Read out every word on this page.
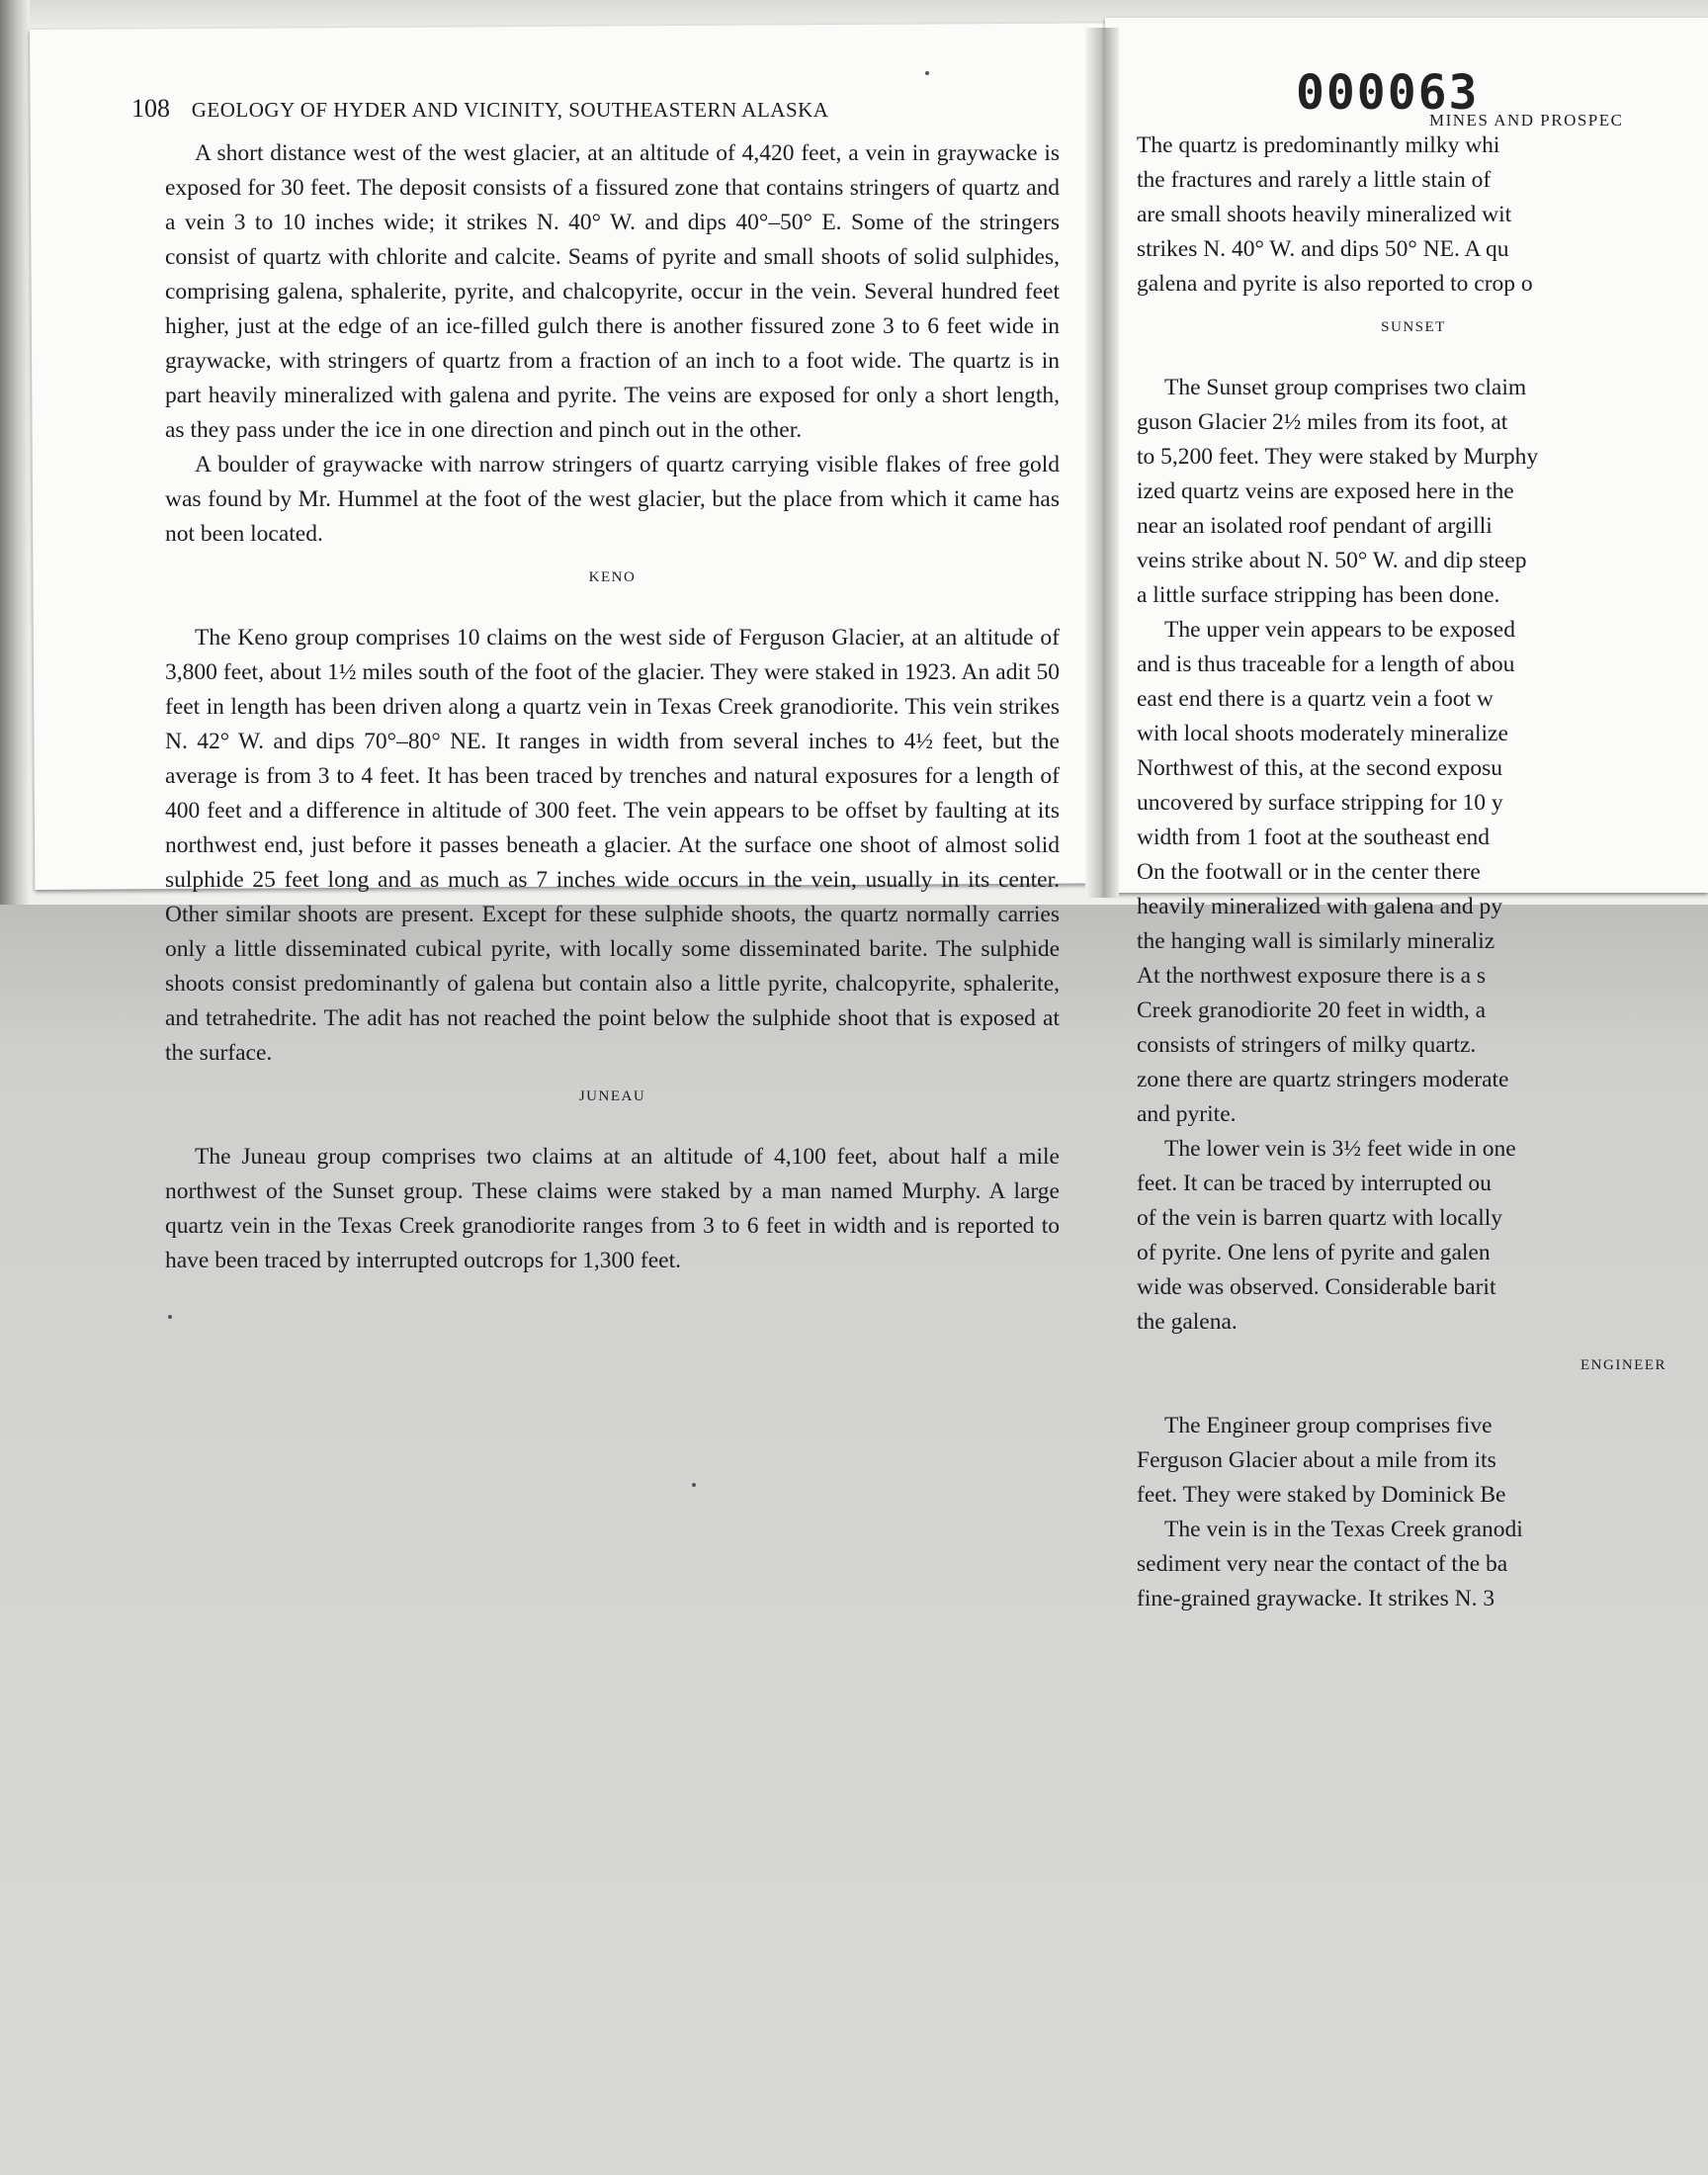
000063
108 GEOLOGY OF HYDER AND VICINITY, SOUTHEASTERN ALASKA

A short distance west of the west glacier, at an altitude of 4,420 feet, a vein in graywacke is exposed for 30 feet. The deposit consists of a fissured zone that contains stringers of quartz and a vein 3 to 10 inches wide; it strikes N. 40° W. and dips 40°–50° E. Some of the stringers consist of quartz with chlorite and calcite. Seams of pyrite and small shoots of solid sulphides, comprising galena, sphalerite, pyrite, and chalcopyrite, occur in the vein. Several hundred feet higher, just at the edge of an ice-filled gulch there is another fissured zone 3 to 6 feet wide in graywacke, with stringers of quartz from a fraction of an inch to a foot wide. The quartz is in part heavily mineralized with galena and pyrite. The veins are exposed for only a short length, as they pass under the ice in one direction and pinch out in the other.

A boulder of graywacke with narrow stringers of quartz carrying visible flakes of free gold was found by Mr. Hummel at the foot of the west glacier, but the place from which it came has not been located.

KENO

The Keno group comprises 10 claims on the west side of Ferguson Glacier, at an altitude of 3,800 feet, about 1½ miles south of the foot of the glacier. They were staked in 1923. An adit 50 feet in length has been driven along a quartz vein in Texas Creek granodiorite. This vein strikes N. 42° W. and dips 70°–80° NE. It ranges in width from several inches to 4½ feet, but the average is from 3 to 4 feet. It has been traced by trenches and natural exposures for a length of 400 feet and a difference in altitude of 300 feet. The vein appears to be offset by faulting at its northwest end, just before it passes beneath a glacier. At the surface one shoot of almost solid sulphide 25 feet long and as much as 7 inches wide occurs in the vein, usually in its center. Other similar shoots are present. Except for these sulphide shoots, the quartz normally carries only a little disseminated cubical pyrite, with locally some disseminated barite. The sulphide shoots consist predominantly of galena but contain also a little pyrite, chalcopyrite, sphalerite, and tetrahedrite. The adit has not reached the point below the sulphide shoot that is exposed at the surface.

JUNEAU

The Juneau group comprises two claims at an altitude of 4,100 feet, about half a mile northwest of the Sunset group. These claims were staked by a man named Murphy. A large quartz vein in the Texas Creek granodiorite ranges from 3 to 6 feet in width and is reported to have been traced by interrupted outcrops for 1,300 feet.

MINES AND PROSPEC
The quartz is predominantly milky whi
the fractures and rarely a little stain of
are small shoots heavily mineralized wit
strikes N. 40° W. and dips 50° NE. A qu
galena and pyrite is also reported to crop o
SUNSET
The Sunset group comprises two claim
guson Glacier 2½ miles from its foot, at
to 5,200 feet. They were staked by Murphy
ized quartz veins are exposed here in the
near an isolated roof pendant of argilli
veins strike about N. 50° W. and dip steep
a little surface stripping has been done.
The upper vein appears to be exposed
and is thus traceable for a length of abou
east end there is a quartz vein a foot w
with local shoots moderately mineralize
Northwest of this, at the second exposu
uncovered by surface stripping for 10 y
width from 1 foot at the southeast end
On the footwall or in the center there
heavily mineralized with galena and py
the hanging wall is similarly mineraliz
At the northwest exposure there is a s
Creek granodiorite 20 feet in width, a
consists of stringers of milky quartz.
zone there are quartz stringers moderate
and pyrite.
The lower vein is 3½ feet wide in one
feet. It can be traced by interrupted ou
of the vein is barren quartz with locally
of pyrite. One lens of pyrite and galen
wide was observed. Considerable barit
the galena.
ENGINEER
The Engineer group comprises five
Ferguson Glacier about a mile from its
feet. They were staked by Dominick Be
The vein is in the Texas Creek granodi
sediment very near the contact of the ba
fine-grained graywacke. It strikes N. 3
